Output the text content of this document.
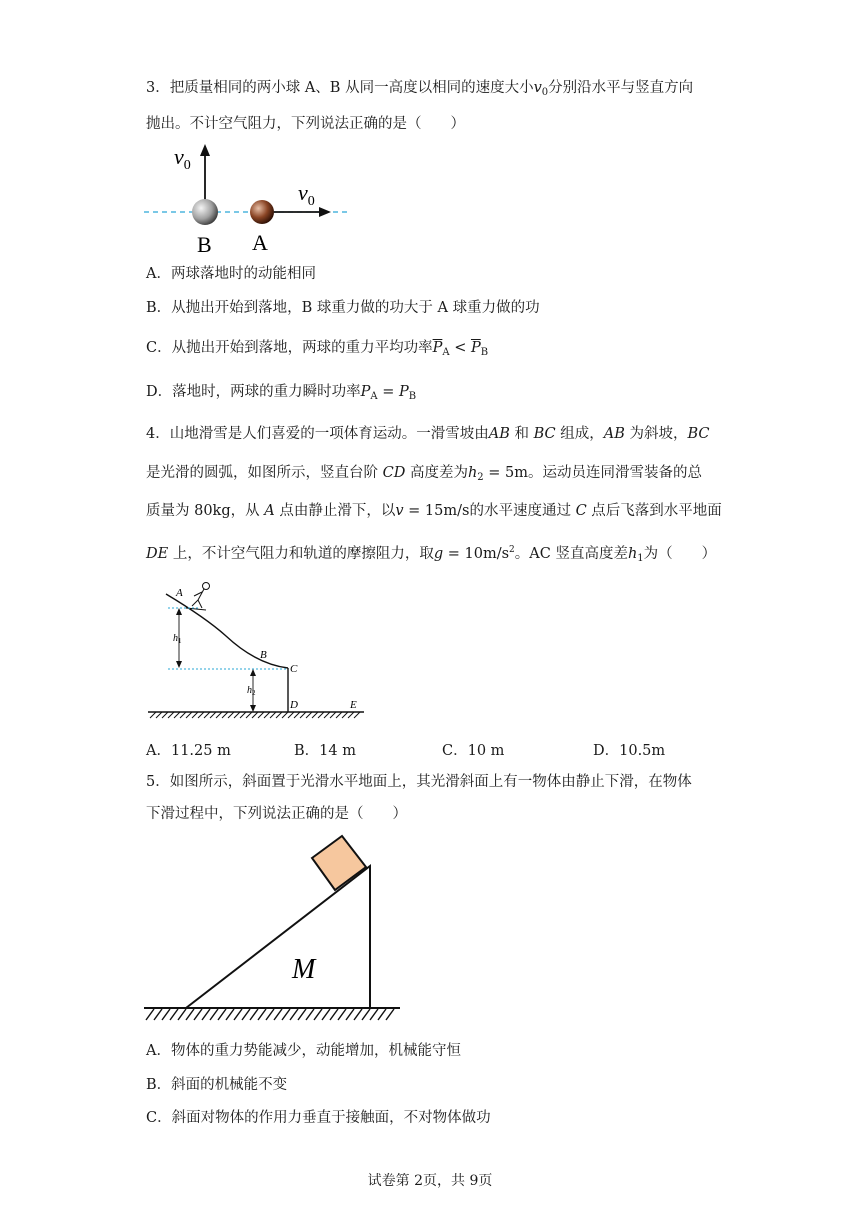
3．把质量相同的两小球 A、B 从同一高度以相同的速度大小$v_0$分别沿水平与竖直方向
抛出。不计空气阻力，下列说法正确的是（　　）
$v_0$
$v_0$
B A
A．两球落地时的动能相同
B．从抛出开始到落地，B 球重力做的功大于 A 球重力做的功
C．从抛出开始到落地，两球的重力平均功率$\overline{P}_A < \overline{P}_B$
D．落地时，两球的重力瞬时功率$P_A = P_B$
4．山地滑雪是人们喜爱的一项体育运动。一滑雪坡由AB 和 BC 组成，AB 为斜坡，BC
是光滑的圆弧，如图所示，竖直台阶 CD 高度差为$h_2 = 5m$。运动员连同滑雪装备的总
质量为 80kg，从 A 点由静止滑下，以v = 15m/s的水平速度通过 C 点后飞落到水平地面
DE 上，不计空气阻力和轨道的摩擦阻力，取$g = 10m/s^2$。AC 竖直高度差$h_1$为（　　）
A
B
C
D	E
$h_1$
$h_2$
A．11.25 m	B．14 m	C．10 m	D．10.5m
5．如图所示，斜面置于光滑水平地面上，其光滑斜面上有一物体由静止下滑，在物体
下滑过程中，下列说法正确的是（　　）
M
A．物体的重力势能减少，动能增加，机械能守恒
B．斜面的机械能不变
C．斜面对物体的作用力垂直于接触面，不对物体做功
试卷第 2页，共 9页
